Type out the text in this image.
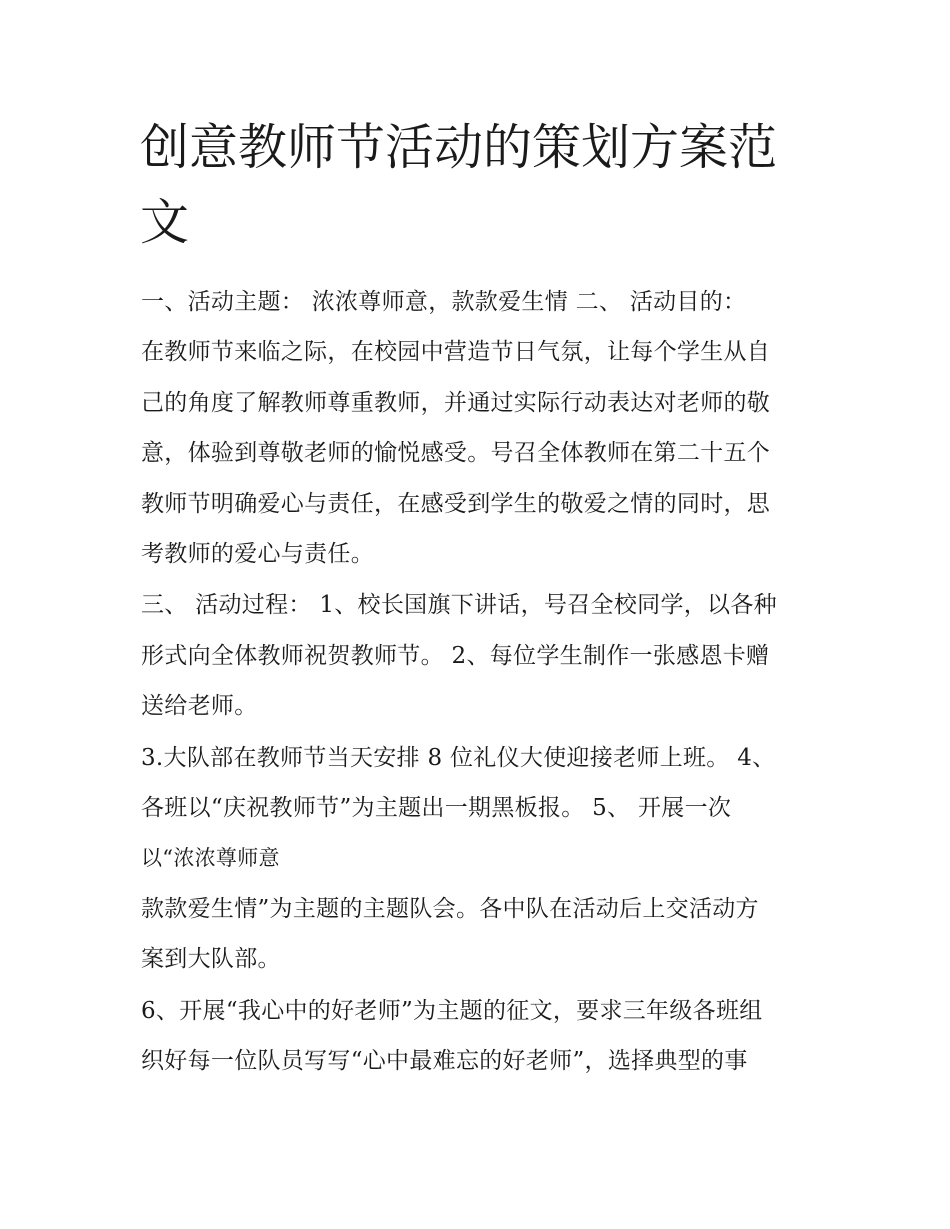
创意教师节活动的策划方案范
文
一、活动主题： 浓浓尊师意，款款爱生情 二、 活动目的：
在教师节来临之际，在校园中营造节日气氛，让每个学生从自
己的角度了解教师尊重教师，并通过实际行动表达对老师的敬
意，体验到尊敬老师的愉悦感受。号召全体教师在第二十五个
教师节明确爱心与责任，在感受到学生的敬爱之情的同时，思
考教师的爱心与责任。
三、 活动过程： 1、校长国旗下讲话，号召全校同学，以各种
形式向全体教师祝贺教师节。 2、每位学生制作一张感恩卡赠
送给老师。
3.大队部在教师节当天安排 8 位礼仪大使迎接老师上班。 4、
各班以“庆祝教师节”为主题出一期黑板报。 5、 开展一次
以“浓浓尊师意
款款爱生情”为主题的主题队会。各中队在活动后上交活动方
案到大队部。
6、开展“我心中的好老师”为主题的征文，要求三年级各班组
织好每一位队员写写“心中最难忘的好老师”，选择典型的事
